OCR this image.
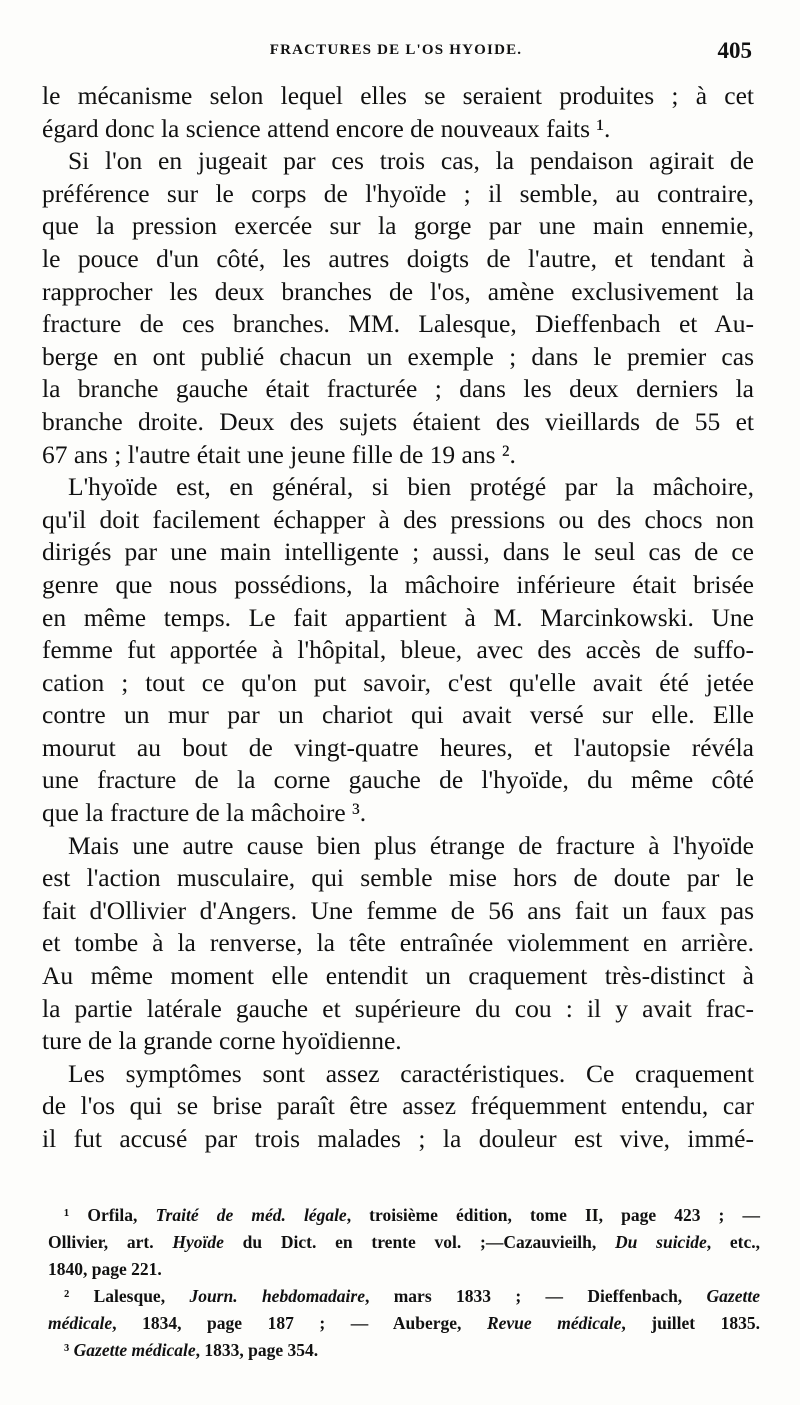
FRACTURES DE L'OS HYOIDE.	405
le mécanisme selon lequel elles se seraient produites ; à cet
égard donc la science attend encore de nouveaux faits ¹.
Si l'on en jugeait par ces trois cas, la pendaison agirait de
préférence sur le corps de l'hyoïde ; il semble, au contraire,
que la pression exercée sur la gorge par une main ennemie,
le pouce d'un côté, les autres doigts de l'autre, et tendant à
rapprocher les deux branches de l'os, amène exclusivement la
fracture de ces branches. MM. Lalesque, Dieffenbach et Au-
berge en ont publié chacun un exemple ; dans le premier cas
la branche gauche était fracturée ; dans les deux derniers la
branche droite. Deux des sujets étaient des vieillards de 55 et
67 ans ; l'autre était une jeune fille de 19 ans ².
L'hyoïde est, en général, si bien protégé par la mâchoire,
qu'il doit facilement échapper à des pressions ou des chocs non
dirigés par une main intelligente ; aussi, dans le seul cas de ce
genre que nous possédions, la mâchoire inférieure était brisée
en même temps. Le fait appartient à M. Marcinkowski. Une
femme fut apportée à l'hôpital, bleue, avec des accès de suffo-
cation ; tout ce qu'on put savoir, c'est qu'elle avait été jetée
contre un mur par un chariot qui avait versé sur elle. Elle
mourut au bout de vingt-quatre heures, et l'autopsie révéla
une fracture de la corne gauche de l'hyoïde, du même côté
que la fracture de la mâchoire ³.
Mais une autre cause bien plus étrange de fracture à l'hyoïde
est l'action musculaire, qui semble mise hors de doute par le
fait d'Ollivier d'Angers. Une femme de 56 ans fait un faux pas
et tombe à la renverse, la tête entraînée violemment en arrière.
Au même moment elle entendit un craquement très-distinct à
la partie latérale gauche et supérieure du cou : il y avait frac-
ture de la grande corne hyoïdienne.
Les symptômes sont assez caractéristiques. Ce craquement
de l'os qui se brise paraît être assez fréquemment entendu, car
il fut accusé par trois malades ; la douleur est vive, immé-
¹ Orfila, Traité de méd. légale, troisième édition, tome II, page 423 ; —
Ollivier, art. Hyoïde du Dict. en trente vol. ;—Cazauvieilh, Du suicide, etc.,
1840, page 221.
² Lalesque, Journ. hebdomadaire, mars 1833 ; — Dieffenbach, Gazette
médicale, 1834, page 187 ; — Auberge, Revue médicale, juillet 1835.
³ Gazette médicale, 1833, page 354.
